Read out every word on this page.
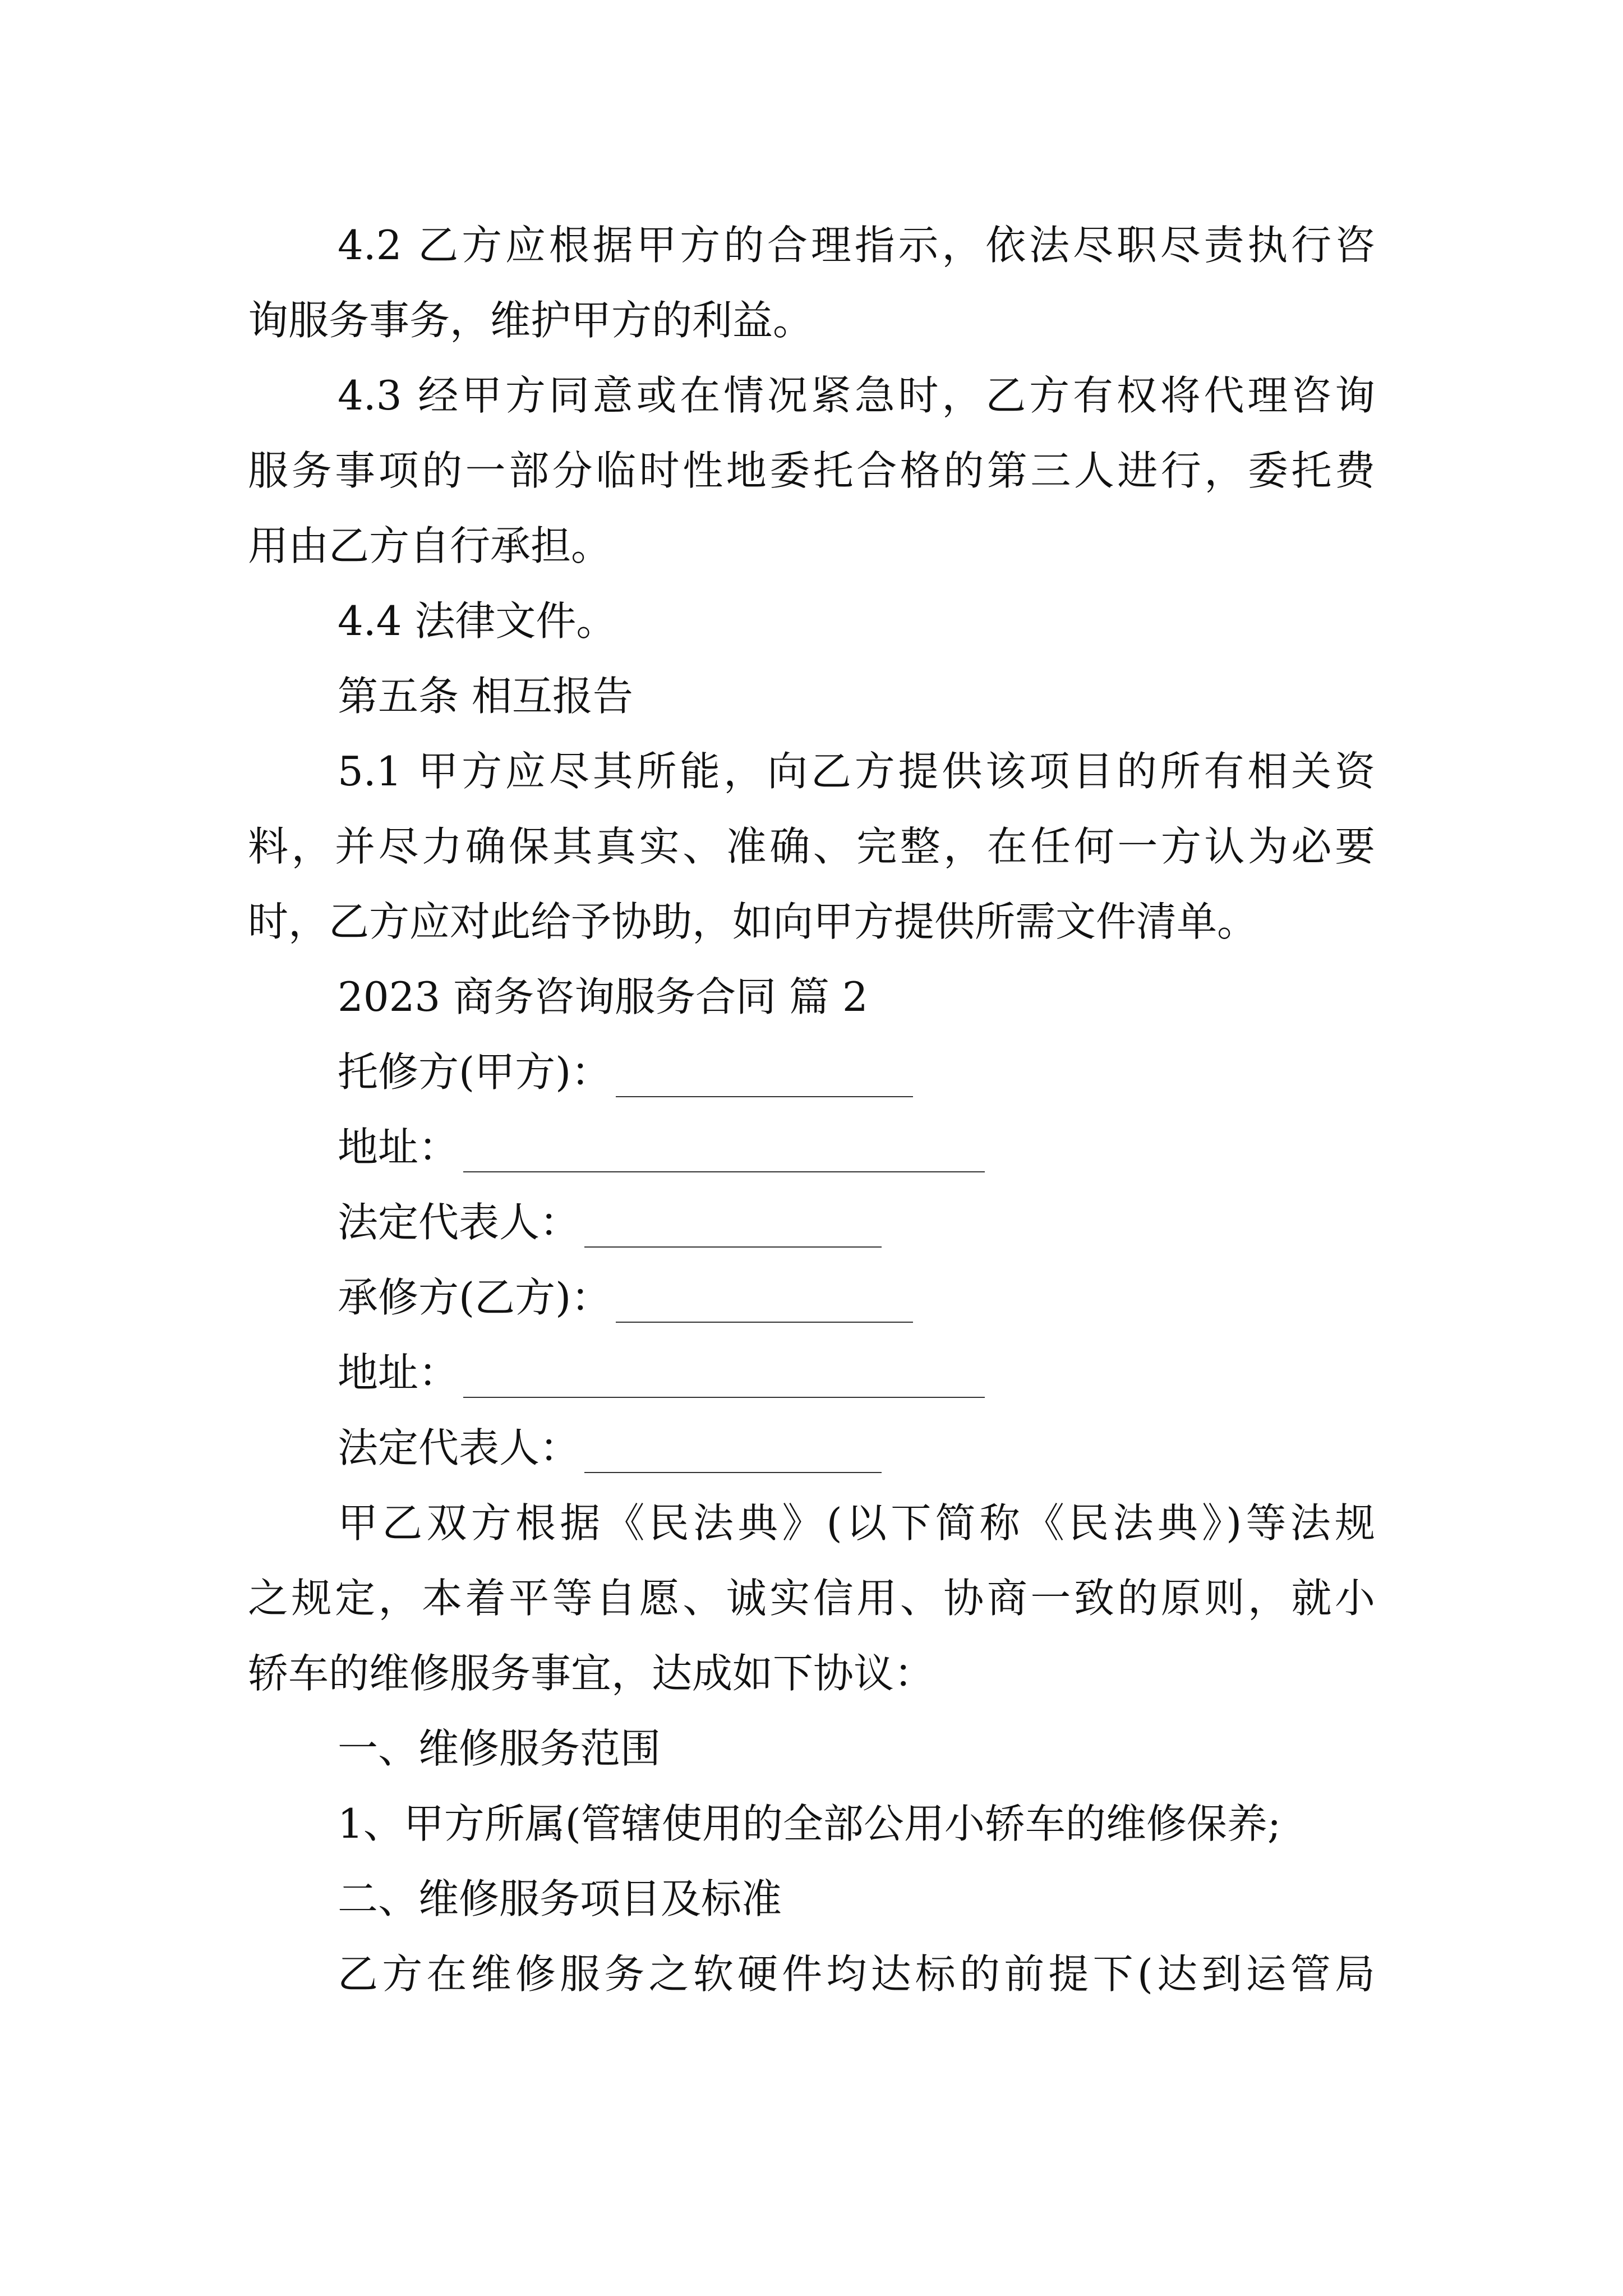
4.2 乙方应根据甲方的合理指示，依法尽职尽责执行咨
询服务事务，维护甲方的利益。
4.3 经甲方同意或在情况紧急时，乙方有权将代理咨询
服务事项的一部分临时性地委托合格的第三人进行，委托费
用由乙方自行承担。
4.4 法律文件。
第五条 相互报告
5.1 甲方应尽其所能，向乙方提供该项目的所有相关资
料，并尽力确保其真实、准确、完整，在任何一方认为必要
时，乙方应对此给予协助，如向甲方提供所需文件清单。
2023 商务咨询服务合同 篇 2
托修方(甲方)：
地址：
法定代表人：
承修方(乙方)：
地址：
法定代表人：
甲乙双方根据《民法典》(以下简称《民法典》)等法规
之规定，本着平等自愿、诚实信用、协商一致的原则，就小
轿车的维修服务事宜，达成如下协议：
一、维修服务范围
1、甲方所属(管辖使用的全部公用小轿车的维修保养;
二、维修服务项目及标准
乙方在维修服务之软硬件均达标的前提下(达到运管局
